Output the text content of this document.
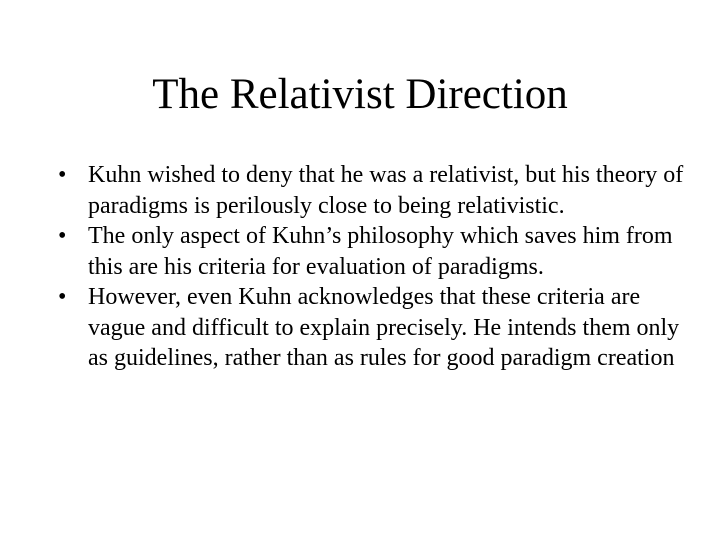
The Relativist Direction
• Kuhn wished to deny that he was a relativist, but his theory of paradigms is perilously close to being relativistic.
• The only aspect of Kuhn’s philosophy which saves him from this are his criteria for evaluation of paradigms.
• However, even Kuhn acknowledges that these criteria are vague and difficult to explain precisely. He intends them only as guidelines, rather than as rules for good paradigm creation
